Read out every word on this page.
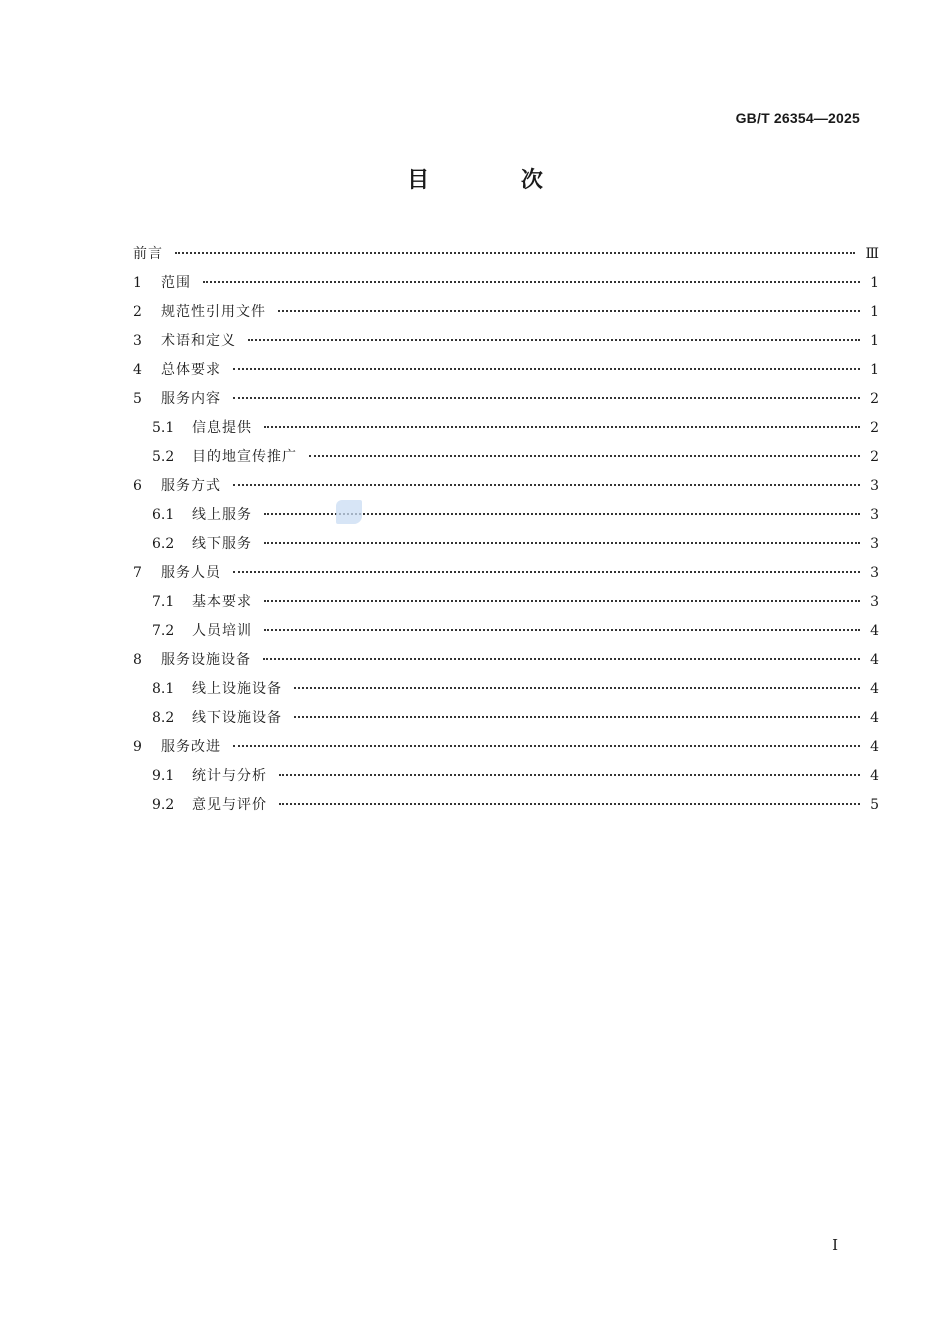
GB/T 26354—2025
目 次
前言	Ⅲ
1	范围	1
2	规范性引用文件	1
3	术语和定义	1
4	总体要求	1
5	服务内容	2
5.1	信息提供	2
5.2	目的地宣传推广	2
6	服务方式	3
6.1	线上服务	3
6.2	线下服务	3
7	服务人员	3
7.1	基本要求	3
7.2	人员培训	4
8	服务设施设备	4
8.1	线上设施设备	4
8.2	线下设施设备	4
9	服务改进	4
9.1	统计与分析	4
9.2	意见与评价	5
I
